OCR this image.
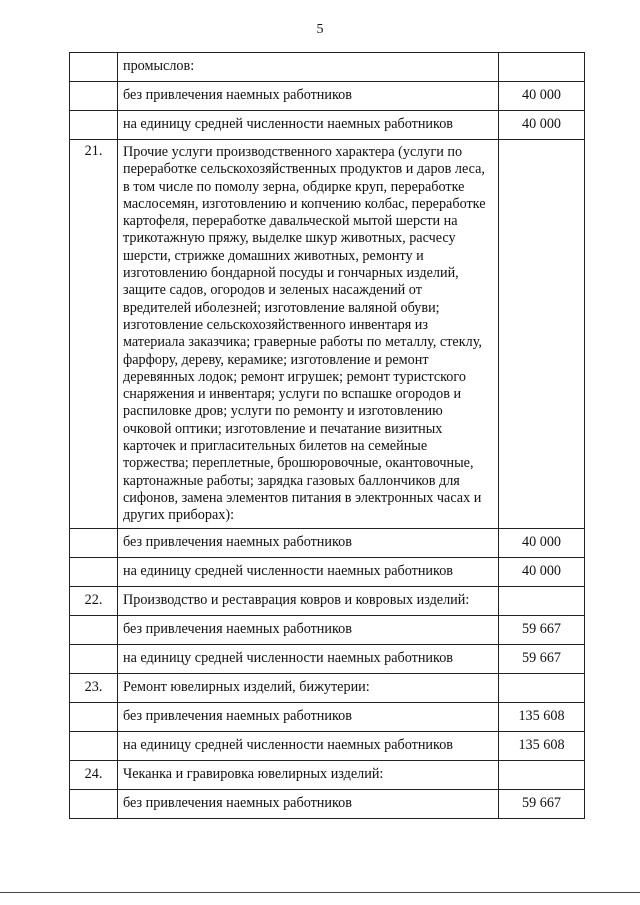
5
	промыслов:	
	без привлечения наемных работников	40 000
	на единицу средней численности наемных работников	40 000
21.	Прочие услуги производственного характера (услуги по переработке сельскохозяйственных продуктов и даров леса, в том числе по помолу зерна, обдирке круп, переработке маслосемян, изготовлению и копчению колбас, переработке картофеля, переработке давальческой мытой шерсти на трикотажную пряжу, выделке шкур животных, расчесу шерсти, стрижке домашних животных, ремонту и изготовлению бондарной посуды и гончарных изделий, защите садов, огородов и зеленых насаждений от вредителей иболезней; изготовление валяной обуви; изготовление сельскохозяйственного инвентаря из материала заказчика; граверные работы по металлу, стеклу, фарфору, дереву, керамике; изготовление и ремонт деревянных лодок; ремонт игрушек; ремонт туристского снаряжения и инвентаря; услуги по вспашке огородов и распиловке дров; услуги по ремонту и изготовлению очковой оптики; изготовление и печатание визитных карточек и пригласительных билетов на семейные торжества; переплетные, брошюровочные, окантовочные, картонажные работы; зарядка газовых баллончиков для сифонов, замена элементов питания в электронных часах и других приборах):	
	без привлечения наемных работников	40 000
	на единицу средней численности наемных работников	40 000
22.	Производство и реставрация ковров и ковровых изделий:	
	без привлечения наемных работников	59 667
	на единицу средней численности наемных работников	59 667
23.	Ремонт ювелирных изделий, бижутерии:	
	без привлечения наемных работников	135 608
	на единицу средней численности наемных работников	135 608
24.	Чеканка и гравировка ювелирных изделий:	
	без привлечения наемных работников	59 667
